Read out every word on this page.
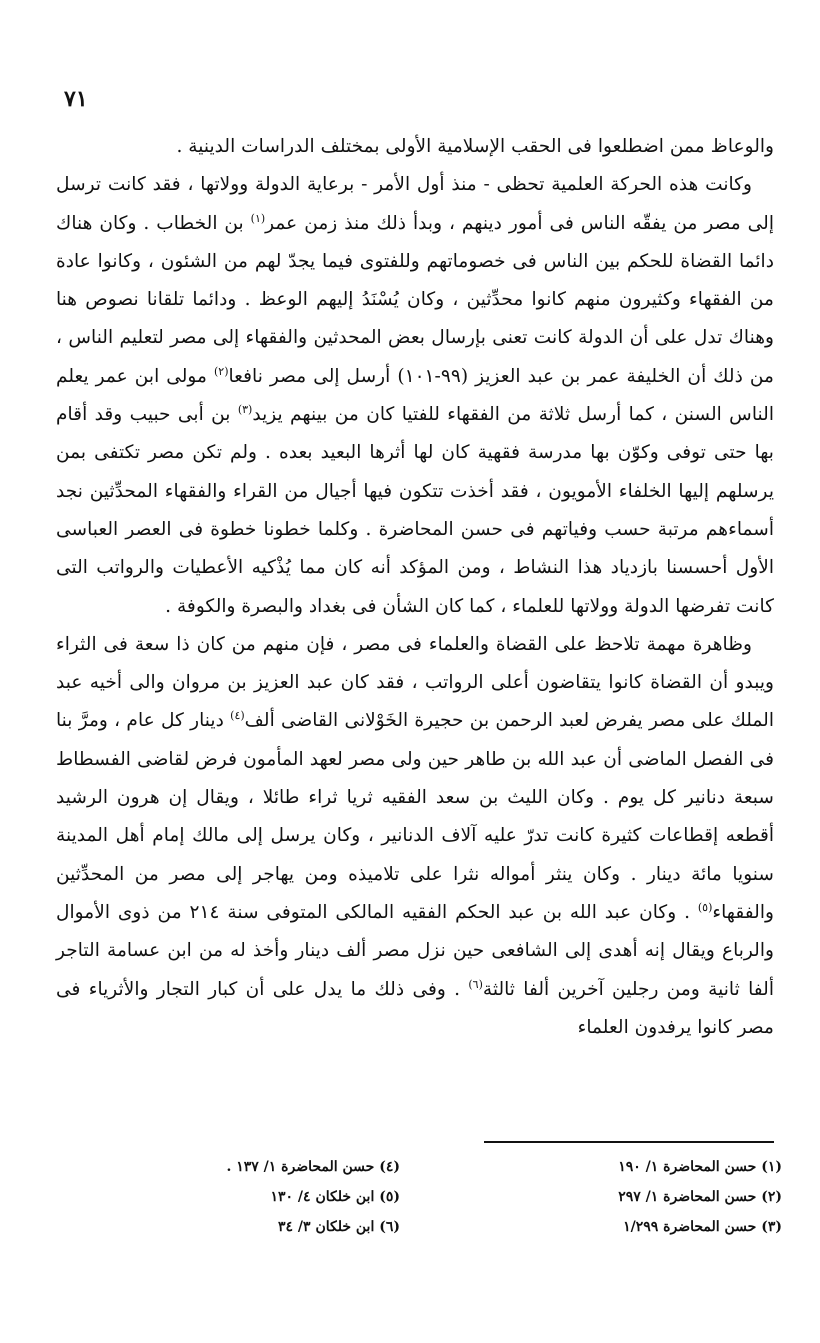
٧١

والوعاظ ممن اضطلعوا فى الحقب الإسلامية الأولى بمختلف الدراسات الدينية .

وكانت هذه الحركة العلمية تحظى - منذ أول الأمر - برعاية الدولة وولاتها ، فقد كانت ترسل إلى مصر من يفقّه الناس فى أمور دينهم ، وبدأ ذلك منذ زمن عمر$^{(١)}$ بن الخطاب . وكان هناك دائما القضاة للحكم بين الناس فى خصوماتهم وللفتوى فيما يجدّ لهم من الشئون ، وكانوا عادة من الفقهاء وكثيرون منهم كانوا محدِّثين ، وكان يُسْنَدُ إليهم الوعظ . ودائما تلقانا نصوص هنا وهناك تدل على أن الدولة كانت تعنى بإرسال بعض المحدثين والفقهاء إلى مصر لتعليم الناس ، من ذلك أن الخليفة عمر بن عبد العزيز (٩٩-١٠١) أرسل إلى مصر نافعا$^{(٢)}$ مولى ابن عمر يعلم الناس السنن ، كما أرسل ثلاثة من الفقهاء للفتيا كان من بينهم يزيد$^{(٣)}$ بن أبى حبيب وقد أقام بها حتى توفى وكوّن بها مدرسة فقهية كان لها أثرها البعيد بعده . ولم تكن مصر تكتفى بمن يرسلهم إليها الخلفاء الأمويون ، فقد أخذت تتكون فيها أجيال من القراء والفقهاء المحدِّثين نجد أسماءهم مرتبة حسب وفياتهم فى حسن المحاضرة . وكلما خطونا خطوة فى العصر العباسى الأول أحسسنا بازدياد هذا النشاط ، ومن المؤكد أنه كان مما يُذْكيه الأعطيات والرواتب التى كانت تفرضها الدولة وولاتها للعلماء ، كما كان الشأن فى بغداد والبصرة والكوفة .

وظاهرة مهمة تلاحظ على القضاة والعلماء فى مصر ، فإن منهم من كان ذا سعة فى الثراء ويبدو أن القضاة كانوا يتقاضون أعلى الرواتب ، فقد كان عبد العزيز بن مروان والى أخيه عبد الملك على مصر يفرض لعبد الرحمن بن حجيرة الخَوْلانى القاضى ألف$^{(٤)}$ دينار كل عام ، ومرَّ بنا فى الفصل الماضى أن عبد الله بن طاهر حين ولى مصر لعهد المأمون فرض لقاضى الفسطاط سبعة دنانير كل يوم . وكان الليث بن سعد الفقيه ثريا ثراء طائلا ، ويقال إن هرون الرشيد أقطعه إقطاعات كثيرة كانت تدرّ عليه آلاف الدنانير ، وكان يرسل إلى مالك إمام أهل المدينة سنويا مائة دينار . وكان ينثر أمواله نثرا على تلاميذه ومن يهاجر إلى مصر من المحدِّثين والفقهاء$^{(٥)}$ . وكان عبد الله بن عبد الحكم الفقيه المالكى المتوفى سنة ٢١٤ من ذوى الأموال والرباع ويقال إنه أهدى إلى الشافعى حين نزل مصر ألف دينار وأخذ له من ابن عسامة التاجر ألفا ثانية ومن رجلين آخرين ألفا ثالثة$^{(٦)}$ . وفى ذلك ما يدل على أن كبار التجار والأثرياء فى مصر كانوا يرفدون العلماء

(١) حسن المحاضرة ١/ ١٩٠

(٢) حسن المحاضرة ١/ ٢٩٧

(٣) حسن المحاضرة ١/٢٩٩

(٤) حسن المحاضرة ١/ ١٣٧ .

(٥) ابن خلكان ٤/ ١٣٠

(٦) ابن خلكان ٣/ ٣٤
